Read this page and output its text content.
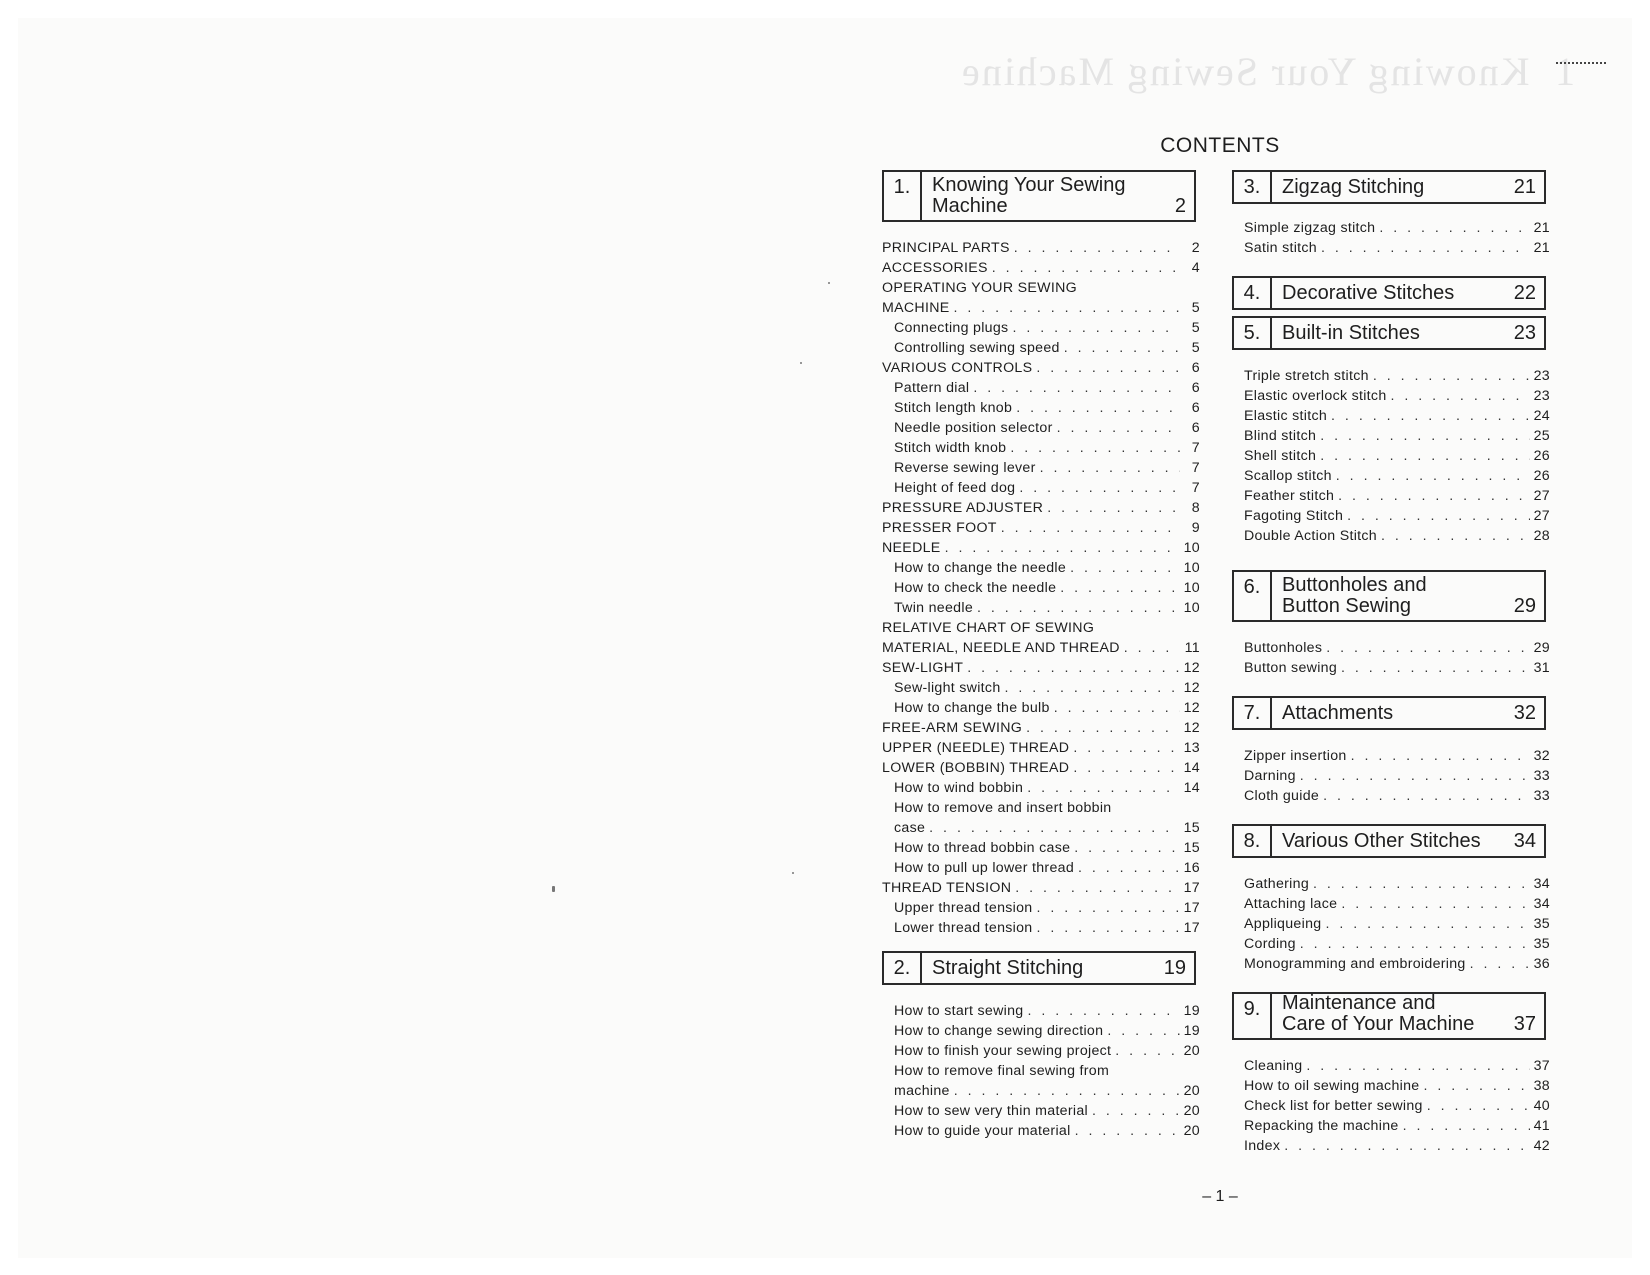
Knowing Your Sewing Machine 1
CONTENTS
1.	Knowing Your Sewing Machine	2
PRINCIPAL PARTS . . .	2
ACCESSORIES . . .	4
OPERATING YOUR SEWING
MACHINE . . .	5
Connecting plugs . . .	5
Controlling sewing speed . . .	5
VARIOUS CONTROLS . . .	6
Pattern dial . . .	6
Stitch length knob . . .	6
Needle position selector . . .	6
Stitch width knob . . .	7
Reverse sewing lever . . .	7
Height of feed dog . . .	7
PRESSURE ADJUSTER . . .	8
PRESSER FOOT . . .	9
NEEDLE . . .	10
How to change the needle . . .	10
How to check the needle . . .	10
Twin needle . . .	10
RELATIVE CHART OF SEWING
MATERIAL, NEEDLE AND THREAD . . .	11
SEW-LIGHT . . .	12
Sew-light switch . . .	12
How to change the bulb . . .	12
FREE-ARM SEWING . . .	12
UPPER (NEEDLE) THREAD . . .	13
LOWER (BOBBIN) THREAD . . .	14
How to wind bobbin . . .	14
How to remove and insert bobbin
case . . .	15
How to thread bobbin case . . .	15
How to pull up lower thread . . .	16
THREAD TENSION . . .	17
Upper thread tension . . .	17
Lower thread tension . . .	17
2.	Straight Stitching	19
How to start sewing . . .	19
How to change sewing direction . . .	19
How to finish your sewing project . . .	20
How to remove final sewing from
machine . . .	20
How to sew very thin material . . .	20
How to guide your material . . .	20
3.	Zigzag Stitching	21
Simple zigzag stitch . . .	21
Satin stitch . . .	21
4.	Decorative Stitches	22
5.	Built-in Stitches	23
Triple stretch stitch . . .	23
Elastic overlock stitch . . .	23
Elastic stitch . . .	24
Blind stitch . . .	25
Shell stitch . . .	26
Scallop stitch . . .	26
Feather stitch . . .	27
Fagoting Stitch . . .	27
Double Action Stitch . . .	28
6.	Buttonholes and Button Sewing	29
Buttonholes . . .	29
Button sewing . . .	31
7.	Attachments	32
Zipper insertion . . .	32
Darning . . .	33
Cloth guide . . .	33
8.	Various Other Stitches 34
Gathering . . .	34
Attaching lace . . .	34
Appliqueing . . .	35
Cording . . .	35
Monogramming and embroidering . . .	36
9.	Maintenance and Care of Your Machine	37
Cleaning . . .	37
How to oil sewing machine . . .	38
Check list for better sewing . . .	40
Repacking the machine . . .	41
Index . . .	42
– 1 –
